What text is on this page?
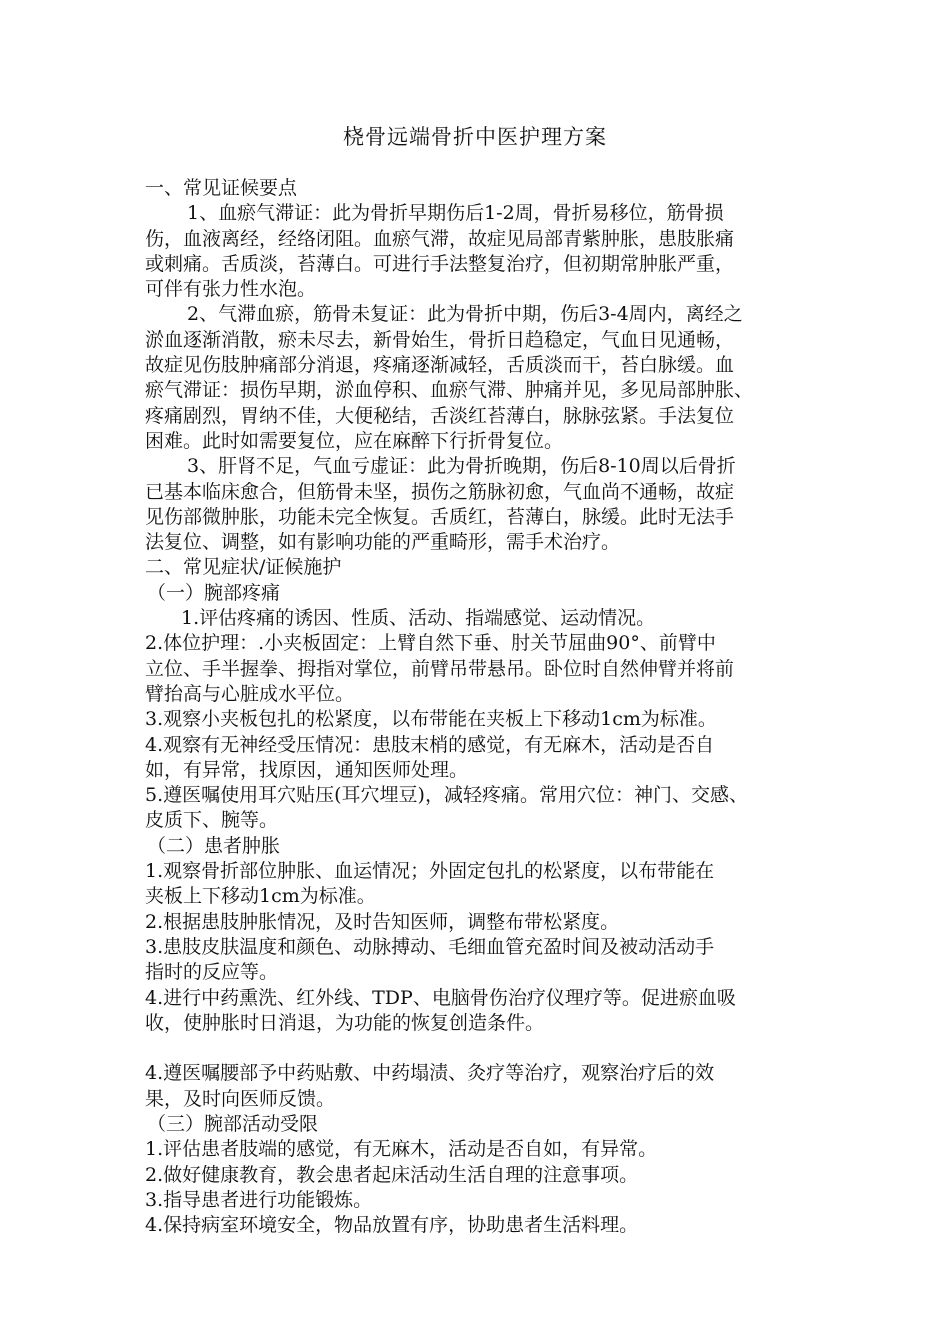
桡骨远端骨折中医护理方案
一、常见证候要点
1、血瘀气滞证：此为骨折早期伤后1-2周，骨折易移位，筋骨损
伤，血液离经，经络闭阻。血瘀气滞，故症见局部青紫肿胀，患肢胀痛
或刺痛。舌质淡，苔薄白。可进行手法整复治疗，但初期常肿胀严重，
可伴有张力性水泡。
2、气滞血瘀，筋骨未复证：此为骨折中期，伤后3-4周内，离经之
淤血逐渐消散，瘀未尽去，新骨始生，骨折日趋稳定，气血日见通畅，
故症见伤肢肿痛部分消退，疼痛逐渐减轻，舌质淡而干，苔白脉缓。血
瘀气滞证：损伤早期，淤血停积、血瘀气滞、肿痛并见，多见局部肿胀、
疼痛剧烈，胃纳不佳，大便秘结，舌淡红苔薄白，脉脉弦紧。手法复位
困难。此时如需要复位，应在麻醉下行折骨复位。
3、肝肾不足，气血亏虚证：此为骨折晚期，伤后8-10周以后骨折
已基本临床愈合，但筋骨未坚，损伤之筋脉初愈，气血尚不通畅，故症
见伤部微肿胀，功能未完全恢复。舌质红，苔薄白，脉缓。此时无法手
法复位、调整，如有影响功能的严重畸形，需手术治疗。
二、常见症状/证候施护
（一）腕部疼痛
1.评估疼痛的诱因、性质、活动、指端感觉、运动情况。
2.体位护理：.小夹板固定：上臂自然下垂、肘关节屈曲90°、前臂中
立位、手半握拳、拇指对掌位，前臂吊带悬吊。卧位时自然伸臂并将前
臂抬高与心脏成水平位。
3.观察小夹板包扎的松紧度，以布带能在夹板上下移动1cm为标准。
4.观察有无神经受压情况：患肢末梢的感觉，有无麻木，活动是否自
如，有异常，找原因，通知医师处理。
5.遵医嘱使用耳穴贴压(耳穴埋豆)，减轻疼痛。常用穴位：神门、交感、
皮质下、腕等。
（二）患者肿胀
1.观察骨折部位肿胀、血运情况；外固定包扎的松紧度，以布带能在
夹板上下移动1cm为标准。
2.根据患肢肿胀情况，及时告知医师，调整布带松紧度。
3.患肢皮肤温度和颜色、动脉搏动、毛细血管充盈时间及被动活动手
指时的反应等。
4.进行中药熏洗、红外线、TDP、电脑骨伤治疗仪理疗等。促进瘀血吸
收，使肿胀时日消退，为功能的恢复创造条件。
4.遵医嘱腰部予中药贴敷、中药塌渍、灸疗等治疗，观察治疗后的效
果，及时向医师反馈。
（三）腕部活动受限
1.评估患者肢端的感觉，有无麻木，活动是否自如，有异常。
2.做好健康教育，教会患者起床活动生活自理的注意事项。
3.指导患者进行功能锻炼。
4.保持病室环境安全，物品放置有序，协助患者生活料理。
